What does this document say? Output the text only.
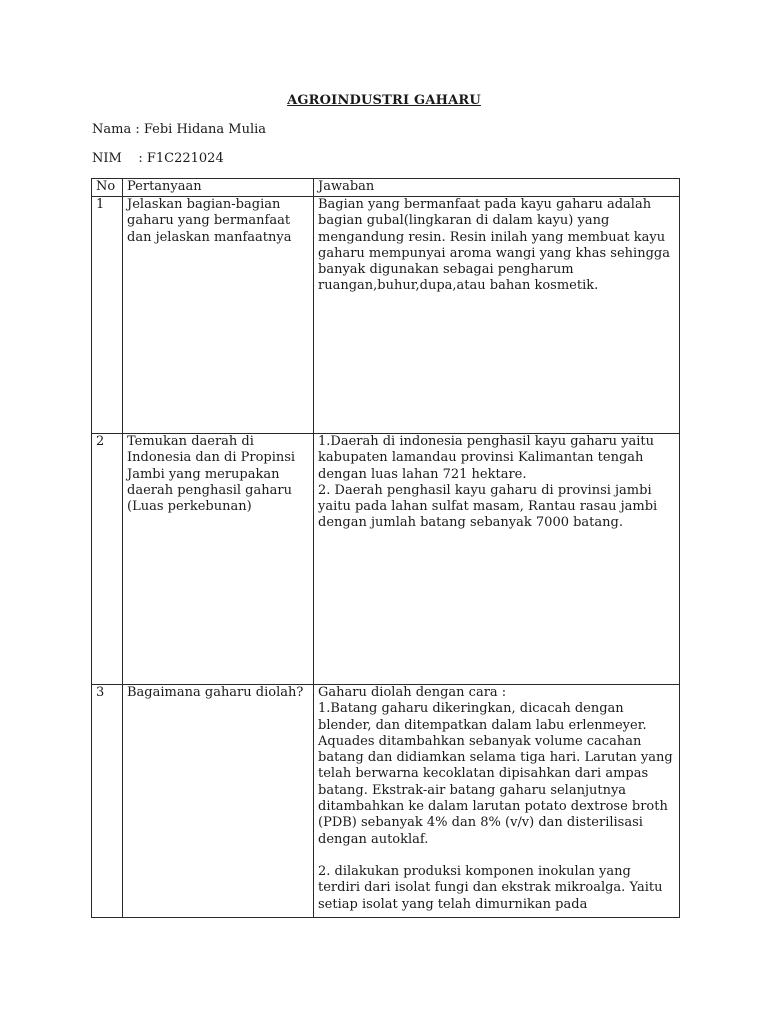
AGROINDUSTRI GAHARU
Nama : Febi Hidana Mulia
NIM    : F1C221024
No	Pertanyaan	Jawaban
1	Jelaskan bagian-bagian gaharu yang bermanfaat dan jelaskan manfaatnya	Bagian yang bermanfaat pada kayu gaharu adalah bagian gubal(lingkaran di dalam kayu) yang mengandung resin. Resin inilah yang membuat kayu gaharu mempunyai aroma wangi yang khas sehingga banyak digunakan sebagai pengharum ruangan,buhur,dupa,atau bahan kosmetik.
2	Temukan daerah di Indonesia dan di Propinsi Jambi yang merupakan daerah penghasil gaharu (Luas perkebunan)	1.Daerah di indonesia penghasil kayu gaharu yaitu kabupaten lamandau provinsi Kalimantan tengah dengan luas lahan 721 hektare.
2. Daerah penghasil kayu gaharu di provinsi jambi yaitu pada lahan sulfat masam, Rantau rasau jambi dengan jumlah batang sebanyak 7000 batang.

3	Bagaimana gaharu diolah?	Gaharu diolah dengan cara :
1.Batang gaharu dikeringkan, dicacah dengan blender, dan ditempatkan dalam labu erlenmeyer. Aquades ditambahkan sebanyak volume cacahan batang dan didiamkan selama tiga hari. Larutan yang telah berwarna kecoklatan dipisahkan dari ampas batang. Ekstrak-air batang gaharu selanjutnya ditambahkan ke dalam larutan potato dextrose broth (PDB) sebanyak 4% dan 8% (v/v) dan disterilisasi dengan autoklaf.
2. dilakukan produksi komponen inokulan yang terdiri dari isolat fungi dan ekstrak mikroalga. Yaitu setiap isolat yang telah dimurnikan pada
